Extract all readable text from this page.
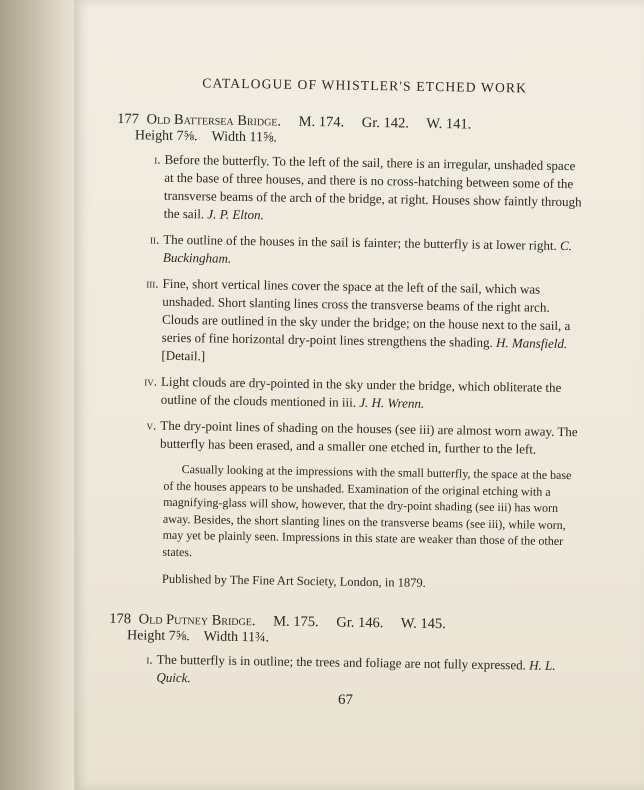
CATALOGUE OF WHISTLER'S ETCHED WORK
177 Old Battersea Bridge. M. 174. Gr. 142. W. 141.
Height 7⅝. Width 11⅝.
i. Before the butterfly. To the left of the sail, there is an irregular, unshaded space at the base of three houses, and there is no cross-hatching between some of the transverse beams of the arch of the bridge, at right. Houses show faintly through the sail. J. P. Elton.
ii. The outline of the houses in the sail is fainter; the butterfly is at lower right. C. Buckingham.
iii. Fine, short vertical lines cover the space at the left of the sail, which was unshaded. Short slanting lines cross the transverse beams of the right arch. Clouds are outlined in the sky under the bridge; on the house next to the sail, a series of fine horizontal dry-point lines strengthens the shading. H. Mansfield. [Detail.]
iv. Light clouds are dry-pointed in the sky under the bridge, which obliterate the outline of the clouds mentioned in iii. J. H. Wrenn.
v. The dry-point lines of shading on the houses (see iii) are almost worn away. The butterfly has been erased, and a smaller one etched in, further to the left.
Casually looking at the impressions with the small butterfly, the space at the base of the houses appears to be unshaded. Examination of the original etching with a magnifying-glass will show, however, that the dry-point shading (see iii) has worn away. Besides, the short slanting lines on the transverse beams (see iii), while worn, may yet be plainly seen. Impressions in this state are weaker than those of the other states.
Published by The Fine Art Society, London, in 1879.
178 Old Putney Bridge. M. 175. Gr. 146. W. 145.
Height 7⅝. Width 11¾.
i. The butterfly is in outline; the trees and foliage are not fully expressed. H. L. Quick.
67
